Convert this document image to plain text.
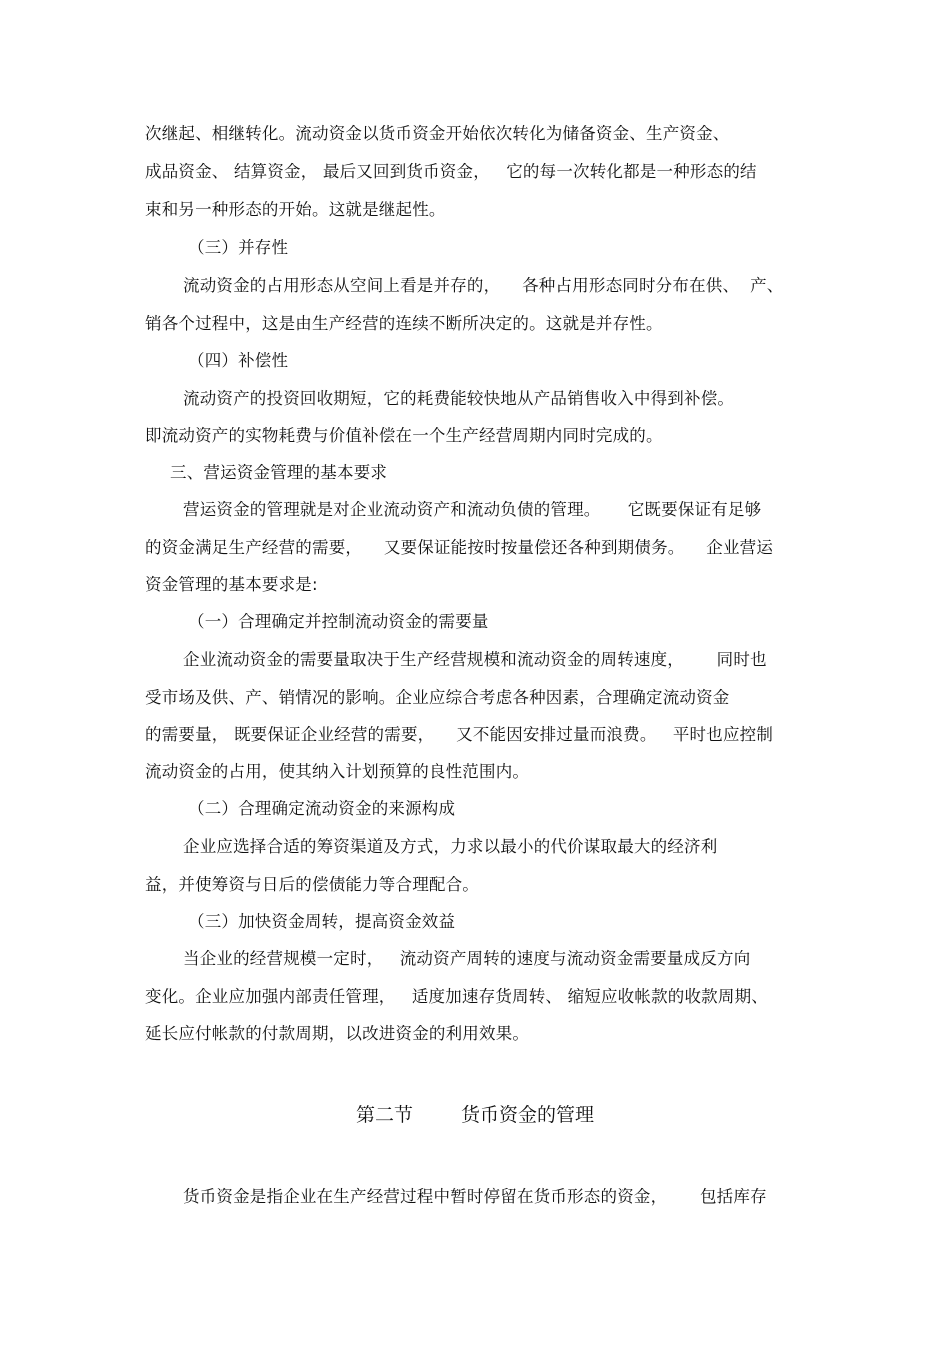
次继起、相继转化。流动资金以货币资金开始依次转化为储备资金、生产资金、
成品资金、 结算资金， 最后又回到货币资金，   它的每一次转化都是一种形态的结
束和另一种形态的开始。这就是继起性。
（三）并存性
流动资金的占用形态从空间上看是并存的，    各种占用形态同时分布在供、  产、
销各个过程中，这是由生产经营的连续不断所决定的。这就是并存性。
（四）补偿性
流动资产的投资回收期短，它的耗费能较快地从产品销售收入中得到补偿。
即流动资产的实物耗费与价值补偿在一个生产经营周期内同时完成的。
三、营运资金管理的基本要求
营运资金的管理就是对企业流动资产和流动负债的管理。     它既要保证有足够
的资金满足生产经营的需要，    又要保证能按时按量偿还各种到期债务。    企业营运
资金管理的基本要求是:
（一）合理确定并控制流动资金的需要量
企业流动资金的需要量取决于生产经营规模和流动资金的周转速度，      同时也
受市场及供、产、销情况的影响。企业应综合考虑各种因素，合理确定流动资金
的需要量， 既要保证企业经营的需要，    又不能因安排过量而浪费。   平时也应控制
流动资金的占用，使其纳入计划预算的良性范围内。
（二）合理确定流动资金的来源构成
企业应选择合适的筹资渠道及方式，力求以最小的代价谋取最大的经济利
益，并使筹资与日后的偿债能力等合理配合。
（三）加快资金周转，提高资金效益
当企业的经营规模一定时，   流动资产周转的速度与流动资金需要量成反方向
变化。企业应加强内部责任管理，   适度加速存货周转、 缩短应收帐款的收款周期、
延长应付帐款的付款周期，以改进资金的利用效果。
第二节	货币资金的管理
货币资金是指企业在生产经营过程中暂时停留在货币形态的资金，      包括库存
